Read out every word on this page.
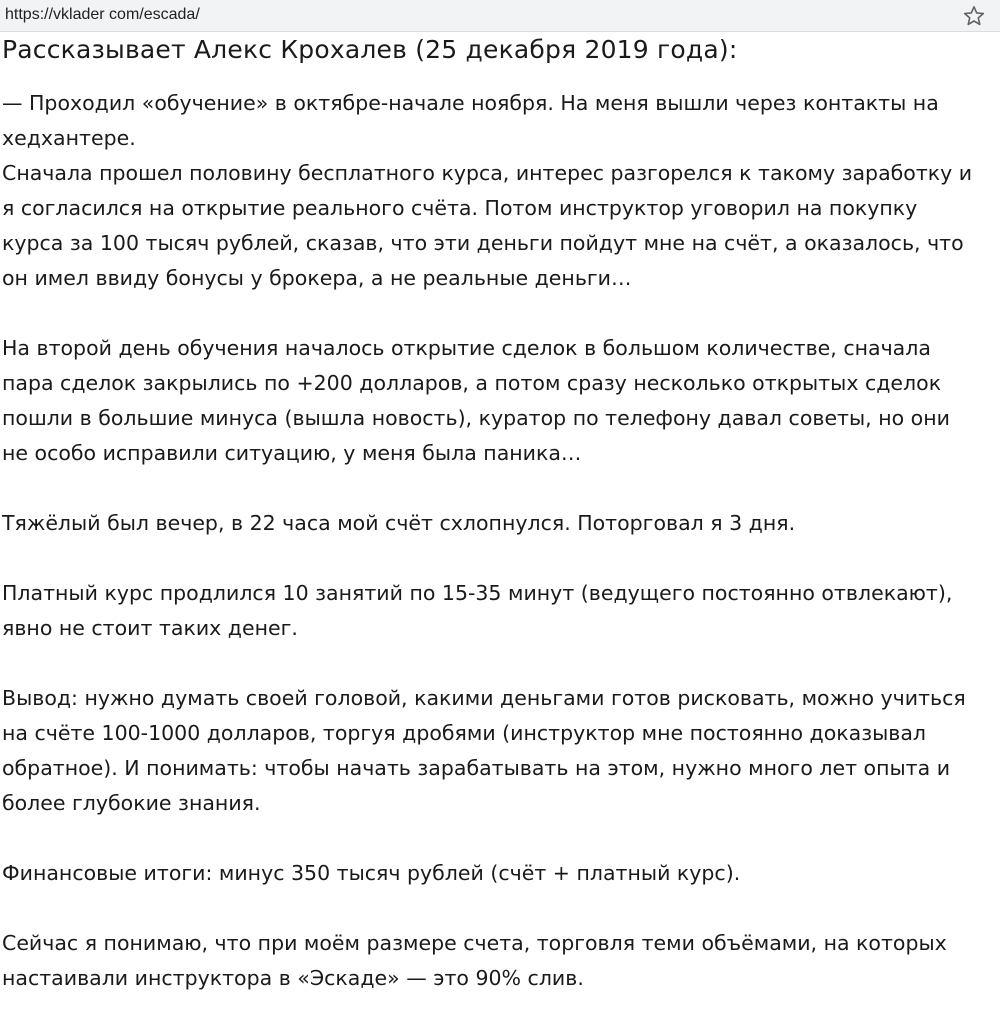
https://vklader com/escada/
Рассказывает Алекс Крохалев (25 декабря 2019 года):

— Проходил «обучение» в октябре-начале ноября. На меня вышли через контакты на
хедхантере.
Сначала прошел половину бесплатного курса, интерес разгорелся к такому заработку и
я согласился на открытие реального счёта. Потом инструктор уговорил на покупку
курса за 100 тысяч рублей, сказав, что эти деньги пойдут мне на счёт, а оказалось, что
он имел ввиду бонусы у брокера, а не реальные деньги…

На второй день обучения началось открытие сделок в большом количестве, сначала
пара сделок закрылись по +200 долларов, а потом сразу несколько открытых сделок
пошли в большие минуса (вышла новость), куратор по телефону давал советы, но они
не особо исправили ситуацию, у меня была паника…

Тяжёлый был вечер, в 22 часа мой счёт схлопнулся. Поторговал я 3 дня.

Платный курс продлился 10 занятий по 15-35 минут (ведущего постоянно отвлекают),
явно не стоит таких денег.

Вывод: нужно думать своей головой, какими деньгами готов рисковать, можно учиться
на счёте 100-1000 долларов, торгуя дробями (инструктор мне постоянно доказывал
обратное). И понимать: чтобы начать зарабатывать на этом, нужно много лет опыта и
более глубокие знания.

Финансовые итоги: минус 350 тысяч рублей (счёт + платный курс).

Сейчас я понимаю, что при моём размере счета, торговля теми объёмами, на которых
настаивали инструктора в «Эскаде» — это 90% слив.
